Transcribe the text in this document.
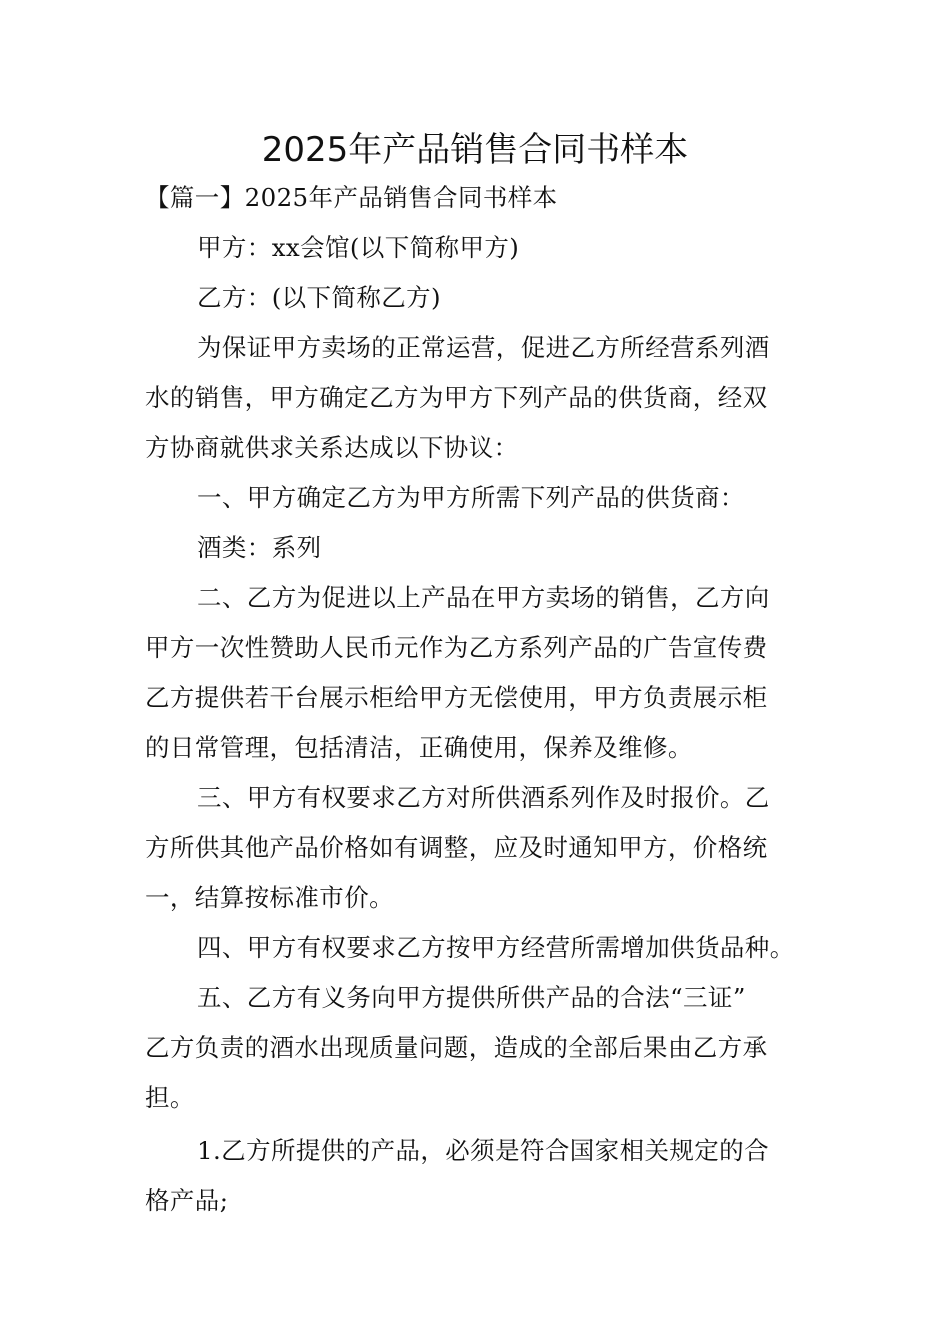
2025年产品销售合同书样本
【篇一】2025年产品销售合同书样本
甲方：xx会馆(以下简称甲方)
乙方：(以下简称乙方)
为保证甲方卖场的正常运营，促进乙方所经营系列酒
水的销售，甲方确定乙方为甲方下列产品的供货商，经双
方协商就供求关系达成以下协议：
一、甲方确定乙方为甲方所需下列产品的供货商：
酒类：系列
二、乙方为促进以上产品在甲方卖场的销售，乙方向
甲方一次性赞助人民币元作为乙方系列产品的广告宣传费
乙方提供若干台展示柜给甲方无偿使用，甲方负责展示柜
的日常管理，包括清洁，正确使用，保养及维修。
三、甲方有权要求乙方对所供酒系列作及时报价。乙
方所供其他产品价格如有调整，应及时通知甲方，价格统
一，结算按标准市价。
四、甲方有权要求乙方按甲方经营所需增加供货品种。
五、乙方有义务向甲方提供所供产品的合法“三证”
乙方负责的酒水出现质量问题，造成的全部后果由乙方承
担。
1.乙方所提供的产品，必须是符合国家相关规定的合
格产品;
